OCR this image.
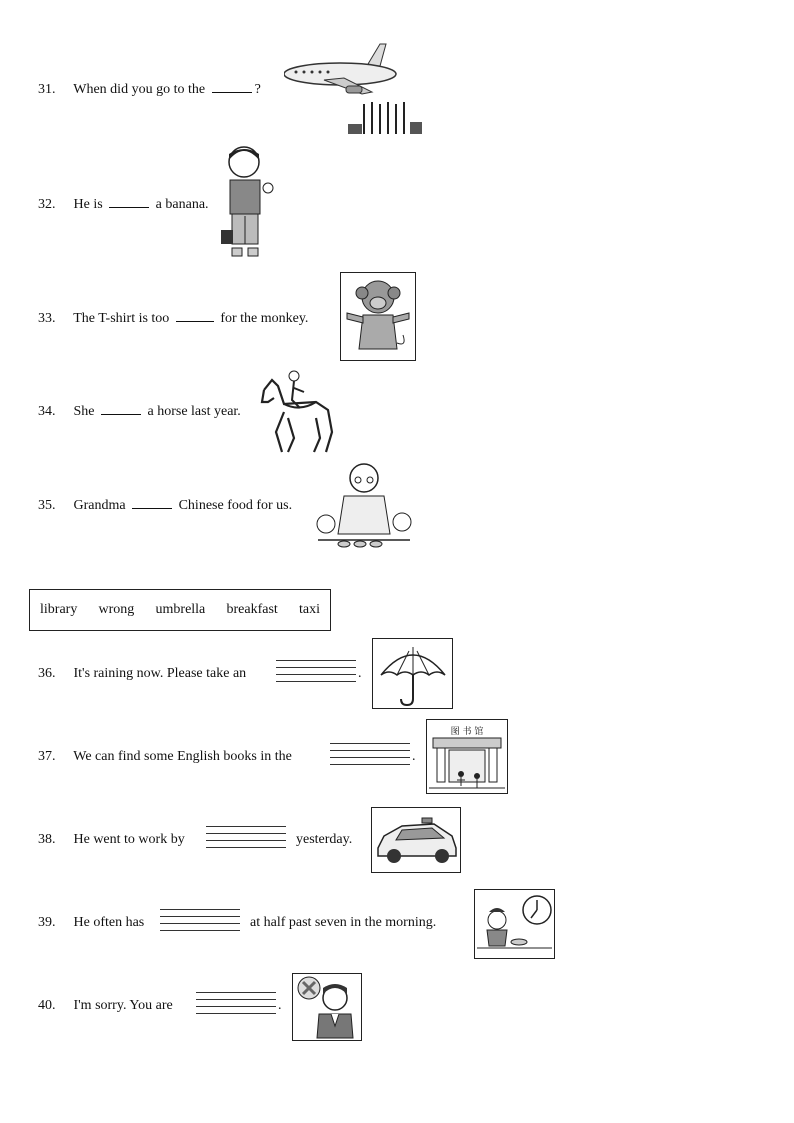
31. When did you go to the	?
32. He is	a banana.
33. The T-shirt is too	for the monkey.
34. She	a horse last year.
35. Grandma	Chinese food for us.
library wrong umbrella breakfast taxi
36. It's raining now. Please take an	.
37. We can find some English books in the	.
图 书 馆
38. He went to work by	yesterday.
39. He often has	at half past seven in the morning.
40. I'm sorry. You are	.
